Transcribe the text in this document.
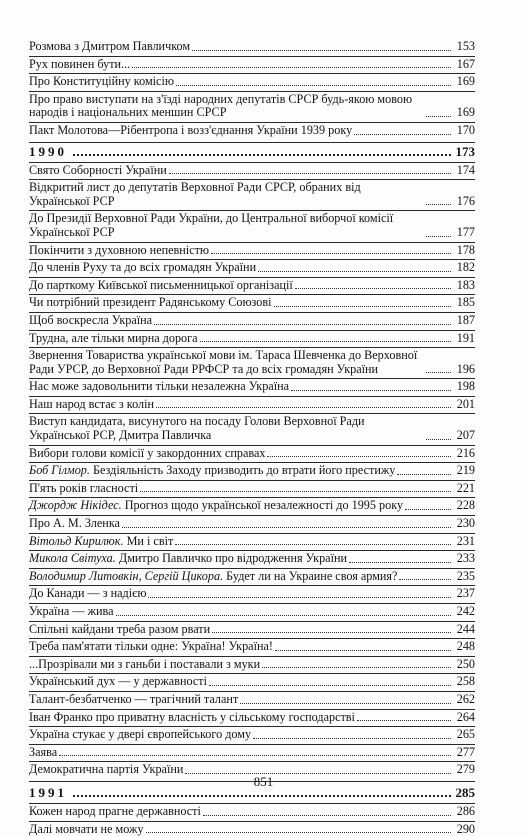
Розмова з Дмитром Павличком	153
Рух повинен бути...	167
Про Конституційну комісію	169
Про право виступати на з'їзді народних депутатів СРСР будь-якою мовою народів і національних меншин СРСР	169
Пакт Молотова—Рібентропа і возз'єднання України 1939 року	170
1990	173
Свято Соборності України	174
Відкритий лист до депутатів Верховної Ради СРСР, обраних від Української РСР	176
До Президії Верховної Ради України, до Центральної виборчої комісії Української РСР	177
Покінчити з духовною непевністю	178
До членів Руху та до всіх громадян України	182
До парткому Київської письменницької організації	183
Чи потрібний президент Радянському Союзові	185
Щоб воскресла Україна	187
Трудна, але тільки мирна дорога	191
Звернення Товариства української мови ім. Тараса Шевченка до Верховної Ради УРСР, до Верховної Ради РРФСР та до всіх громадян України	196
Нас може задовольнити тільки незалежна Україна	198
Наш народ встає з колін	201
Виступ кандидата, висунутого на посаду Голови Верховної Ради Української РСР, Дмитра Павличка	207
Вибори голови комісії у закордонних справах	216
Боб Гілмор. Бездіяльність Заходу призводить до втрати його престижу	219
П'ять років гласності	221
Джордж Нікідес. Прогноз щодо української незалежності до 1995 року	228
Про А. М. Зленка	230
Вітольд Кирилюк. Ми і світ	231
Микола Світуха. Дмитро Павличко про відродження України	233
Володимир Литовкін, Сергій Цикора. Будет ли на Украине своя армия?	235
До Канади — з надією	237
Україна — жива	242
Спільні кайдани треба разом рвати	244
Треба пам'ятати тільки одне: Україна! Україна!	248
...Прозрівали ми з ганьби і поставали з муки	250
Український дух — у державності	258
Талант-безбатченко — трагічний талант	262
Іван Франко про приватну власність у сільському господарстві	264
Україна стукає у двері європейського дому	265
Заява	277
Демократична партія України	279
1991	285
Кожен народ прагне державності	286
Далі мовчати не можу	290
851
